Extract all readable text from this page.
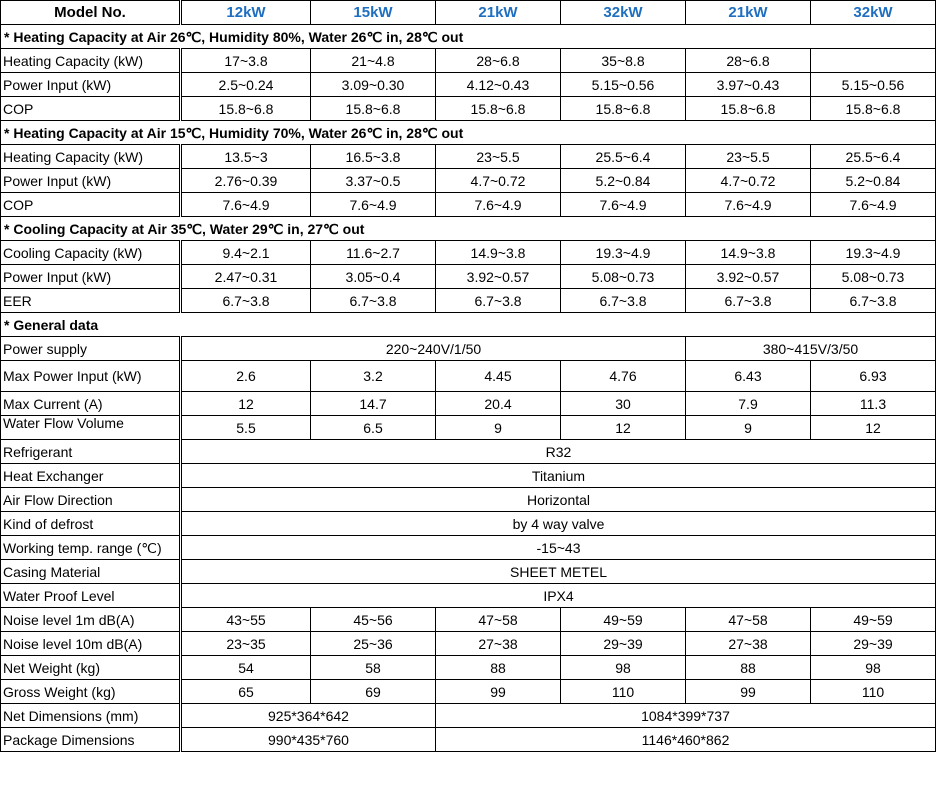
Model No.	12kW	15kW	21kW	32kW	21kW	32kW
* Heating Capacity at Air 26℃, Humidity 80%, Water 26℃ in, 28℃ out						
Heating Capacity (kW)	17~3.8	21~4.8	28~6.8	35~8.8	28~6.8	
Power Input (kW)	2.5~0.24	3.09~0.30	4.12~0.43	5.15~0.56	3.97~0.43	5.15~0.56
COP	15.8~6.8	15.8~6.8	15.8~6.8	15.8~6.8	15.8~6.8	15.8~6.8
* Heating Capacity at Air 15℃, Humidity 70%, Water 26℃ in, 28℃ out						
Heating Capacity (kW)	13.5~3	16.5~3.8	23~5.5	25.5~6.4	23~5.5	25.5~6.4
Power Input (kW)	2.76~0.39	3.37~0.5	4.7~0.72	5.2~0.84	4.7~0.72	5.2~0.84
COP	7.6~4.9	7.6~4.9	7.6~4.9	7.6~4.9	7.6~4.9	7.6~4.9
* Cooling Capacity at Air 35℃, Water 29℃ in, 27℃ out						
Cooling Capacity (kW)	9.4~2.1	11.6~2.7	14.9~3.8	19.3~4.9	14.9~3.8	19.3~4.9
Power Input (kW)	2.47~0.31	3.05~0.4	3.92~0.57	5.08~0.73	3.92~0.57	5.08~0.73
EER	6.7~3.8	6.7~3.8	6.7~3.8	6.7~3.8	6.7~3.8	6.7~3.8
* General data						
Power supply	220~240V/1/50				380~415V/3/50	
Max Power Input (kW)	2.6	3.2	4.45	4.76	6.43	6.93
Max Current (A)	12	14.7	20.4	30	7.9	11.3
Water Flow Volume	5.5	6.5	9	12	9	12
Refrigerant	R32					
Heat Exchanger	Titanium					
Air Flow Direction	Horizontal					
Kind of defrost	by 4 way valve					
Working temp. range (℃)	-15~43					
Casing Material	SHEET METEL					
Water Proof Level	IPX4					
Noise level 1m dB(A)	43~55	45~56	47~58	49~59	47~58	49~59
Noise level 10m dB(A)	23~35	25~36	27~38	29~39	27~38	29~39
Net Weight (kg)	54	58	88	98	88	98
Gross Weight (kg)	65	69	99	110	99	110
Net Dimensions (mm)	925*364*642		1084*399*737			
Package Dimensions	990*435*760		1146*460*862			
